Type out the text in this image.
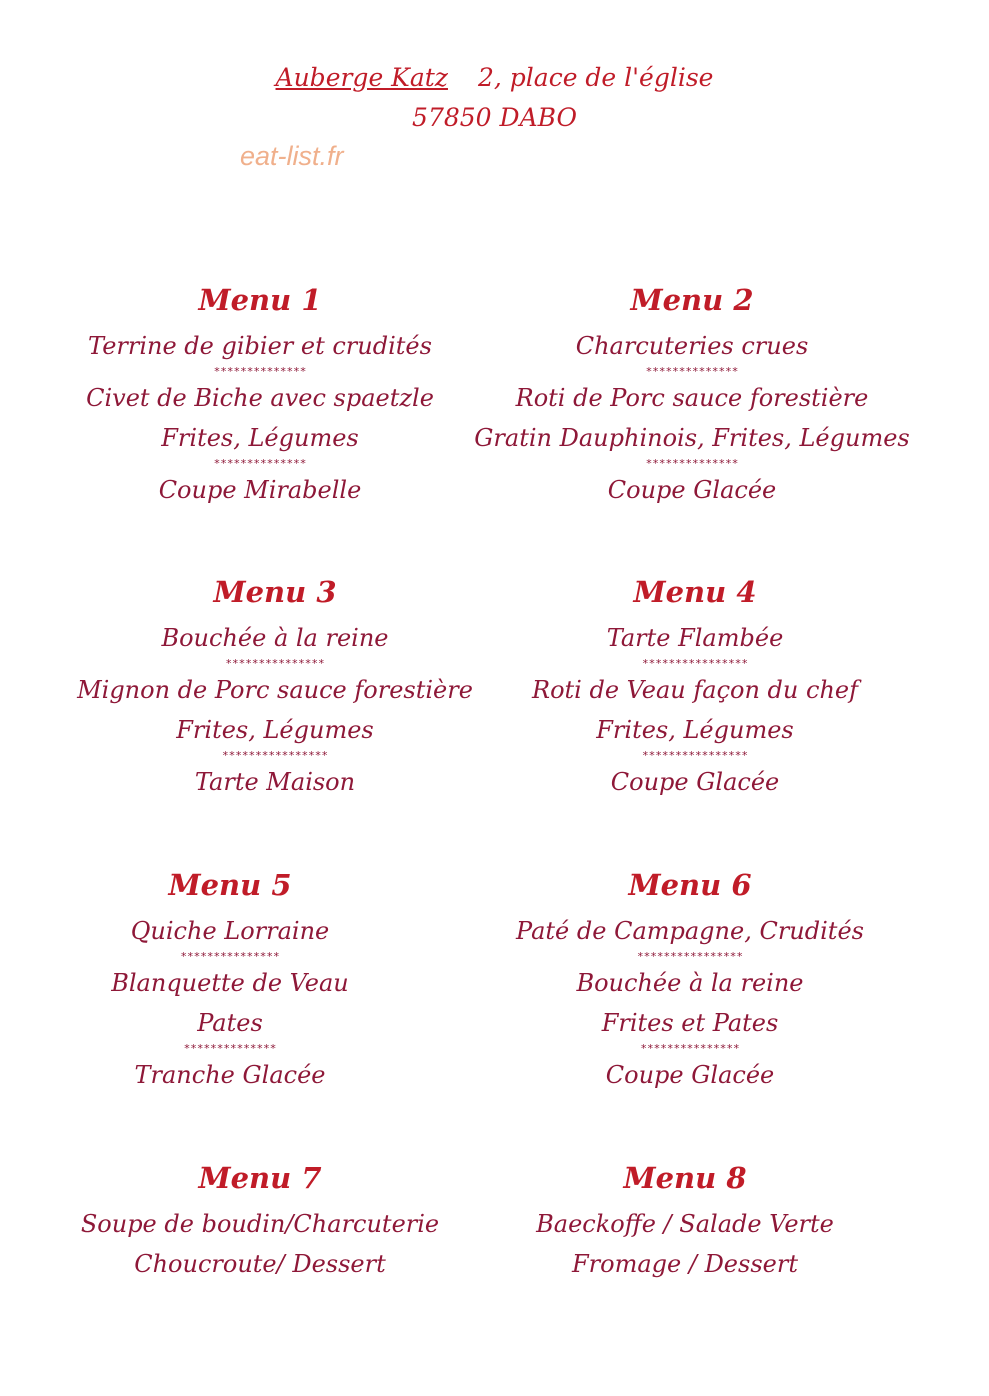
Auberge Katz 2, place de l'église
57850 DABO
eat-list.fr
Menu 1
Terrine de gibier et crudités
**************
Civet de Biche avec spaetzle
Frites, Légumes
**************
Coupe Mirabelle
Menu 2
Charcuteries crues
**************
Roti de Porc sauce forestière
Gratin Dauphinois, Frites, Légumes
**************
Coupe Glacée
Menu 3
Bouchée à la reine
***************
Mignon de Porc sauce forestière
Frites, Légumes
****************
Tarte Maison
Menu 4
Tarte Flambée
****************
Roti de Veau façon du chef
Frites, Légumes
****************
Coupe Glacée
Menu 5
Quiche Lorraine
***************
Blanquette de Veau
Pates
**************
Tranche Glacée
Menu 6
Paté de Campagne, Crudités
****************
Bouchée à la reine
Frites et Pates
***************
Coupe Glacée
Menu 7
Soupe de boudin/Charcuterie
Choucroute/ Dessert
Menu 8
Baeckoffe / Salade Verte
Fromage / Dessert
